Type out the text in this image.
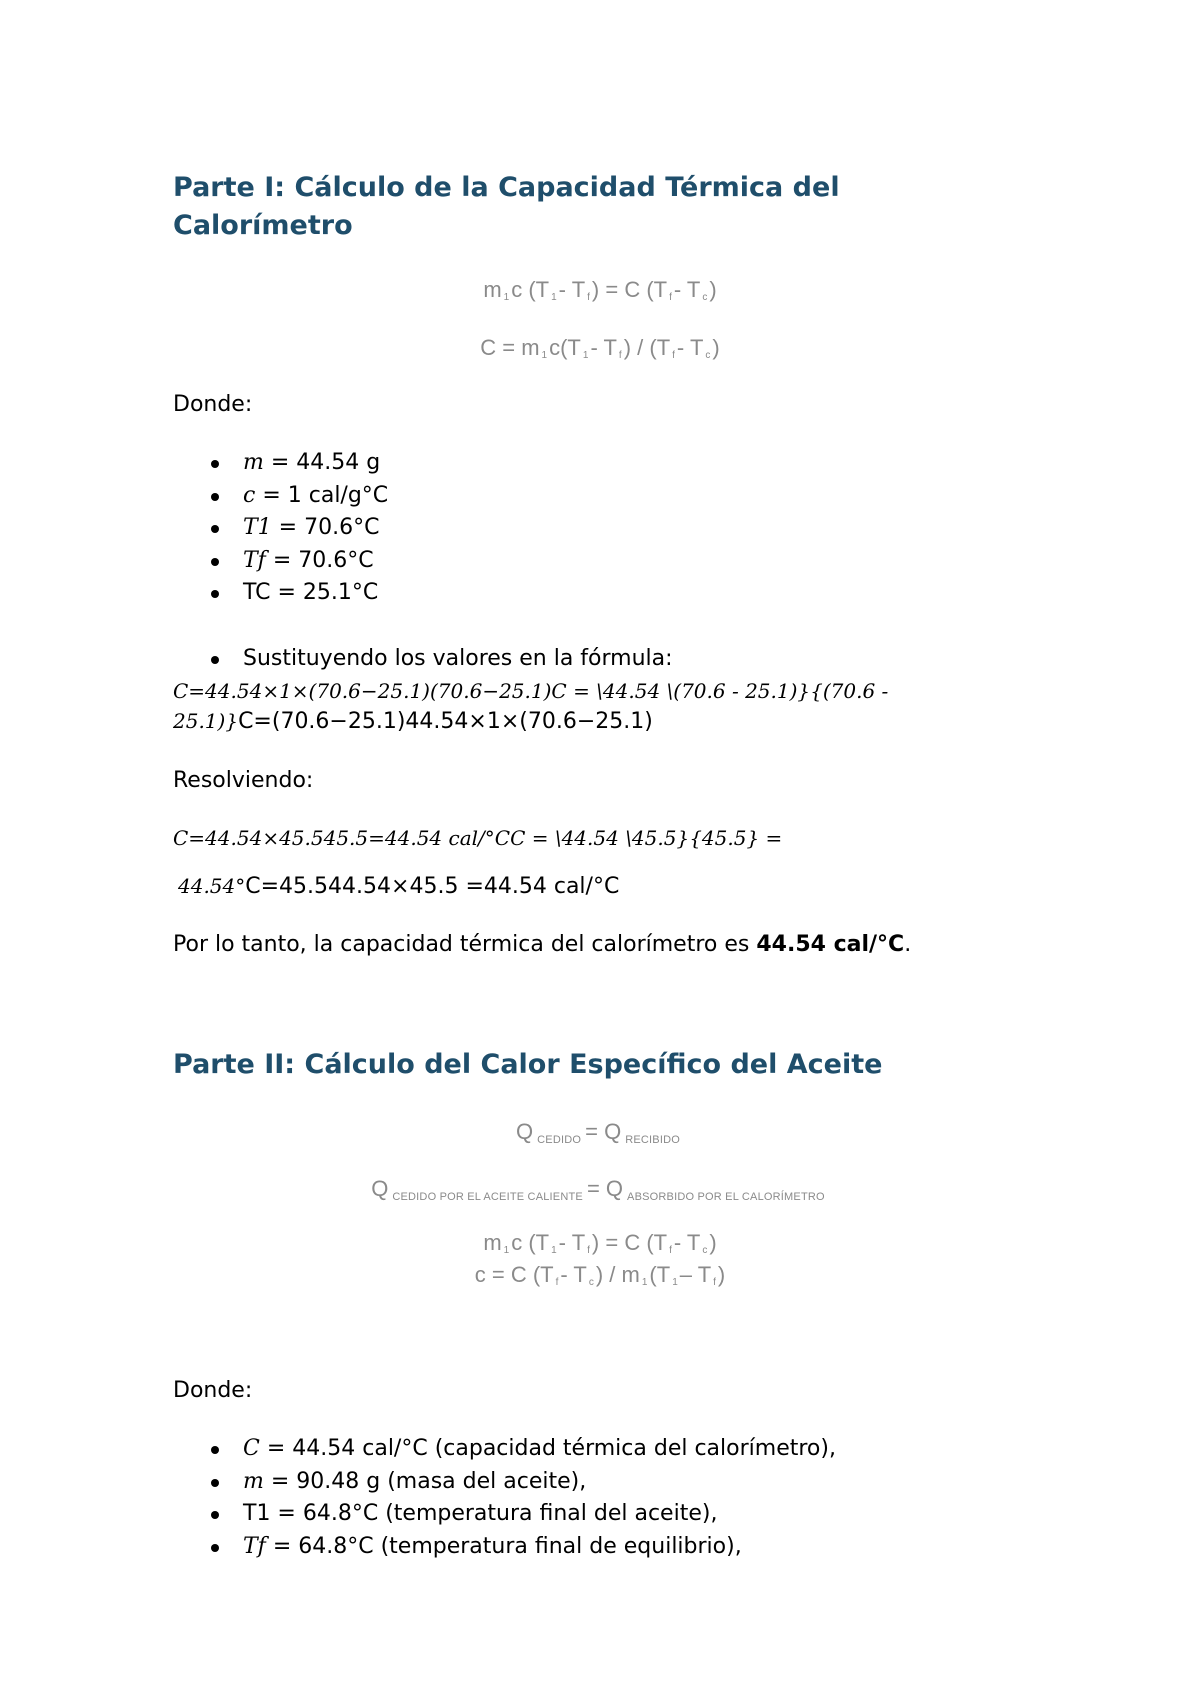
Parte I: Cálculo de la Capacidad Térmica del
Calorímetro
m $_1$c (T $_1$- T $_f$) = C (T $_f$- T $_c$)
C = m $_1$c(T $_1$- T $_f$) / (T $_f$- T $_c$)
Donde:
m = 44.54 g
c = 1 cal/g°C
T1 = 70.6°C
Tf = 70.6°C
TC = 25.1°C
Sustituyendo los valores en la fórmula:
C=44.54×1×(70.6−25.1)(70.6−25.1)C = \44.54 \(70.6 - 25.1)}{(70.6 -
25.1)}C=(70.6−25.1)44.54×1×(70.6−25.1)
Resolviendo:
C=44.54×45.545.5=44.54 cal/°CC = \44.54 \45.5}{45.5} =
44.54°C=45.544.54×45.5 =44.54 cal/°C
Por lo tanto, la capacidad térmica del calorímetro es 44.54 cal/°C.
Parte II: Cálculo del Calor Específico del Aceite
QCEDIDO = Q RECIBIDO
QCEDIDO POR EL ACEITE CALIENTE = Q ABSORBIDO POR EL CALORÍMETRO
m $_1$c (T $_1$- T $_f$) = C (T $_f$- T $_c$)
c = C (T $_f$- T $_c$) / m $_1$(T $_1$– T $_f$)
Donde:
C = 44.54 cal/°C (capacidad térmica del calorímetro),
m = 90.48 g (masa del aceite),
T1 = 64.8°C (temperatura final del aceite),
Tf = 64.8°C (temperatura final de equilibrio),
